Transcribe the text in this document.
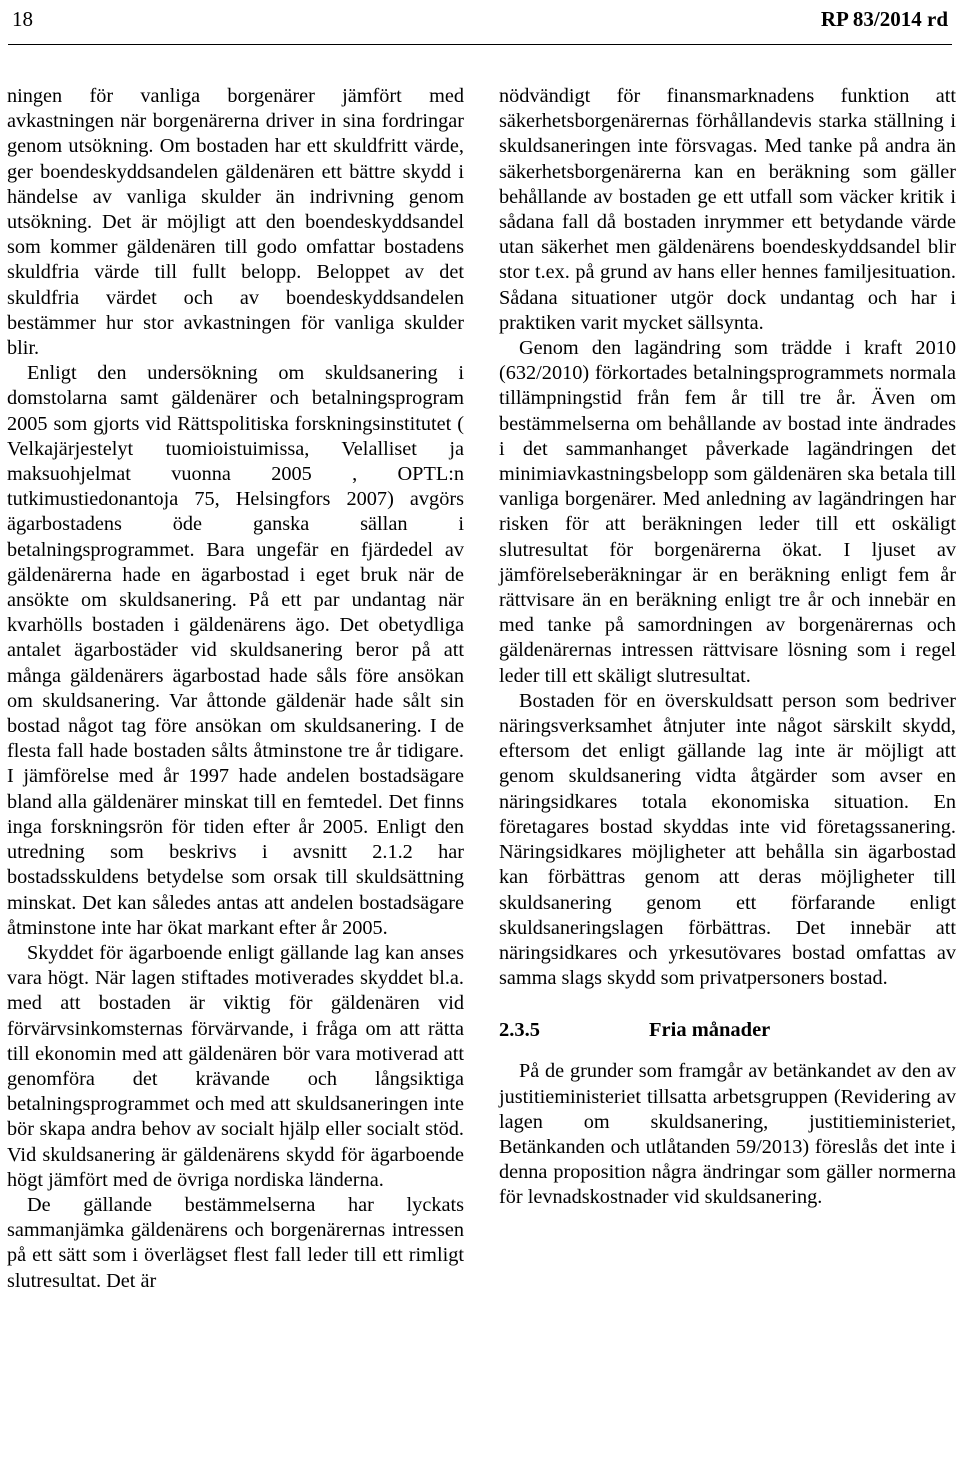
18	RP 83/2014 rd

ningen för vanliga borgenärer jämfört med avkastningen när borgenärerna driver in sina fordringar genom utsökning. Om bostaden har ett skuldfritt värde, ger boendeskyddsandelen gäldenären ett bättre skydd i händelse av vanliga skulder än indrivning genom utsökning. Det är möjligt att den boendeskyddsandel som kommer gäldenären till godo omfattar bostadens skuldfria värde till fullt belopp. Beloppet av det skuldfria värdet och av boendeskyddsandelen bestämmer hur stor avkastningen för vanliga skulder blir.

Enligt den undersökning om skuldsanering i domstolarna samt gäldenärer och betalningsprogram 2005 som gjorts vid Rättspolitiska forskningsinstitutet ( Velkajärjestelyt tuomioistuimissa, Velalliset ja maksuohjelmat vuonna 2005 , OPTL:n tutkimustiedonantoja 75, Helsingfors 2007) avgörs ägarbostadens öde ganska sällan i betalningsprogrammet. Bara ungefär en fjärdedel av gäldenärerna hade en ägarbostad i eget bruk när de ansökte om skuldsanering. På ett par undantag när kvarhölls bostaden i gäldenärens ägo. Det obetydliga antalet ägarbostäder vid skuldsanering beror på att många gäldenärers ägarbostad hade såls före ansökan om skuldsanering. Var åttonde gäldenär hade sålt sin bostad något tag före ansökan om skuldsanering. I de flesta fall hade bostaden sålts åtminstone tre år tidigare. I jämförelse med år 1997 hade andelen bostadsägare bland alla gäldenärer minskat till en femtedel. Det finns inga forskningsrön för tiden efter år 2005. Enligt den utredning som beskrivs i avsnitt 2.1.2 har bostadsskuldens betydelse som orsak till skuldsättning minskat. Det kan således antas att andelen bostadsägare åtminstone inte har ökat markant efter år 2005.

Skyddet för ägarboende enligt gällande lag kan anses vara högt. När lagen stiftades motiverades skyddet bl.a. med att bostaden är viktig för gäldenären vid förvärvsinkomsternas förvärvande, i fråga om att rätta till ekonomin med att gäldenären bör vara motiverad att genomföra det krävande och långsiktiga betalningsprogrammet och med att skuldsaneringen inte bör skapa andra behov av socialt hjälp eller socialt stöd. Vid skuldsanering är gäldenärens skydd för ägarboende högt jämfört med de övriga nordiska länderna.

De gällande bestämmelserna har lyckats sammanjämka gäldenärens och borgenärernas intressen på ett sätt som i överlägset flest fall leder till ett rimligt slutresultat. Det är

nödvändigt för finansmarknadens funktion att säkerhetsborgenärernas förhållandevis starka ställning i skuldsaneringen inte försvagas. Med tanke på andra än säkerhetsborgenärerna kan en beräkning som gäller behållande av bostaden ge ett utfall som väcker kritik i sådana fall då bostaden inrymmer ett betydande värde utan säkerhet men gäldenärens boendeskyddsandel blir stor t.ex. på grund av hans eller hennes familjesituation. Sådana situationer utgör dock undantag och har i praktiken varit mycket sällsynta.

Genom den lagändring som trädde i kraft 2010 (632/2010) förkortades betalningsprogrammets normala tillämpningstid från fem år till tre år. Även om bestämmelserna om behållande av bostad inte ändrades i det sammanhanget påverkade lagändringen det minimiavkastningsbelopp som gäldenären ska betala till vanliga borgenärer. Med anledning av lagändringen har risken för att beräkningen leder till ett oskäligt slutresultat för borgenärerna ökat. I ljuset av jämförelseberäkningar är en beräkning enligt fem år rättvisare än en beräkning enligt tre år och innebär en med tanke på samordningen av borgenärernas och gäldenärernas intressen rättvisare lösning som i regel leder till ett skäligt slutresultat.

Bostaden för en överskuldsatt person som bedriver näringsverksamhet åtnjuter inte något särskilt skydd, eftersom det enligt gällande lag inte är möjligt att genom skuldsanering vidta åtgärder som avser en näringsidkares totala ekonomiska situation. En företagares bostad skyddas inte vid företagssanering. Näringsidkares möjligheter att behålla sin ägarbostad kan förbättras genom att deras möjligheter till skuldsanering genom ett förfarande enligt skuldsaneringslagen förbättras. Det innebär att näringsidkares och yrkesutövares bostad omfattas av samma slags skydd som privatpersoners bostad.

2.3.5	Fria månader

På de grunder som framgår av betänkandet av den av justitieministeriet tillsatta arbetsgruppen (Revidering av lagen om skuldsanering, justitieministeriet, Betänkanden och utlåtanden 59/2013) föreslås det inte i denna proposition några ändringar som gäller normerna för levnadskostnader vid skuldsanering.
